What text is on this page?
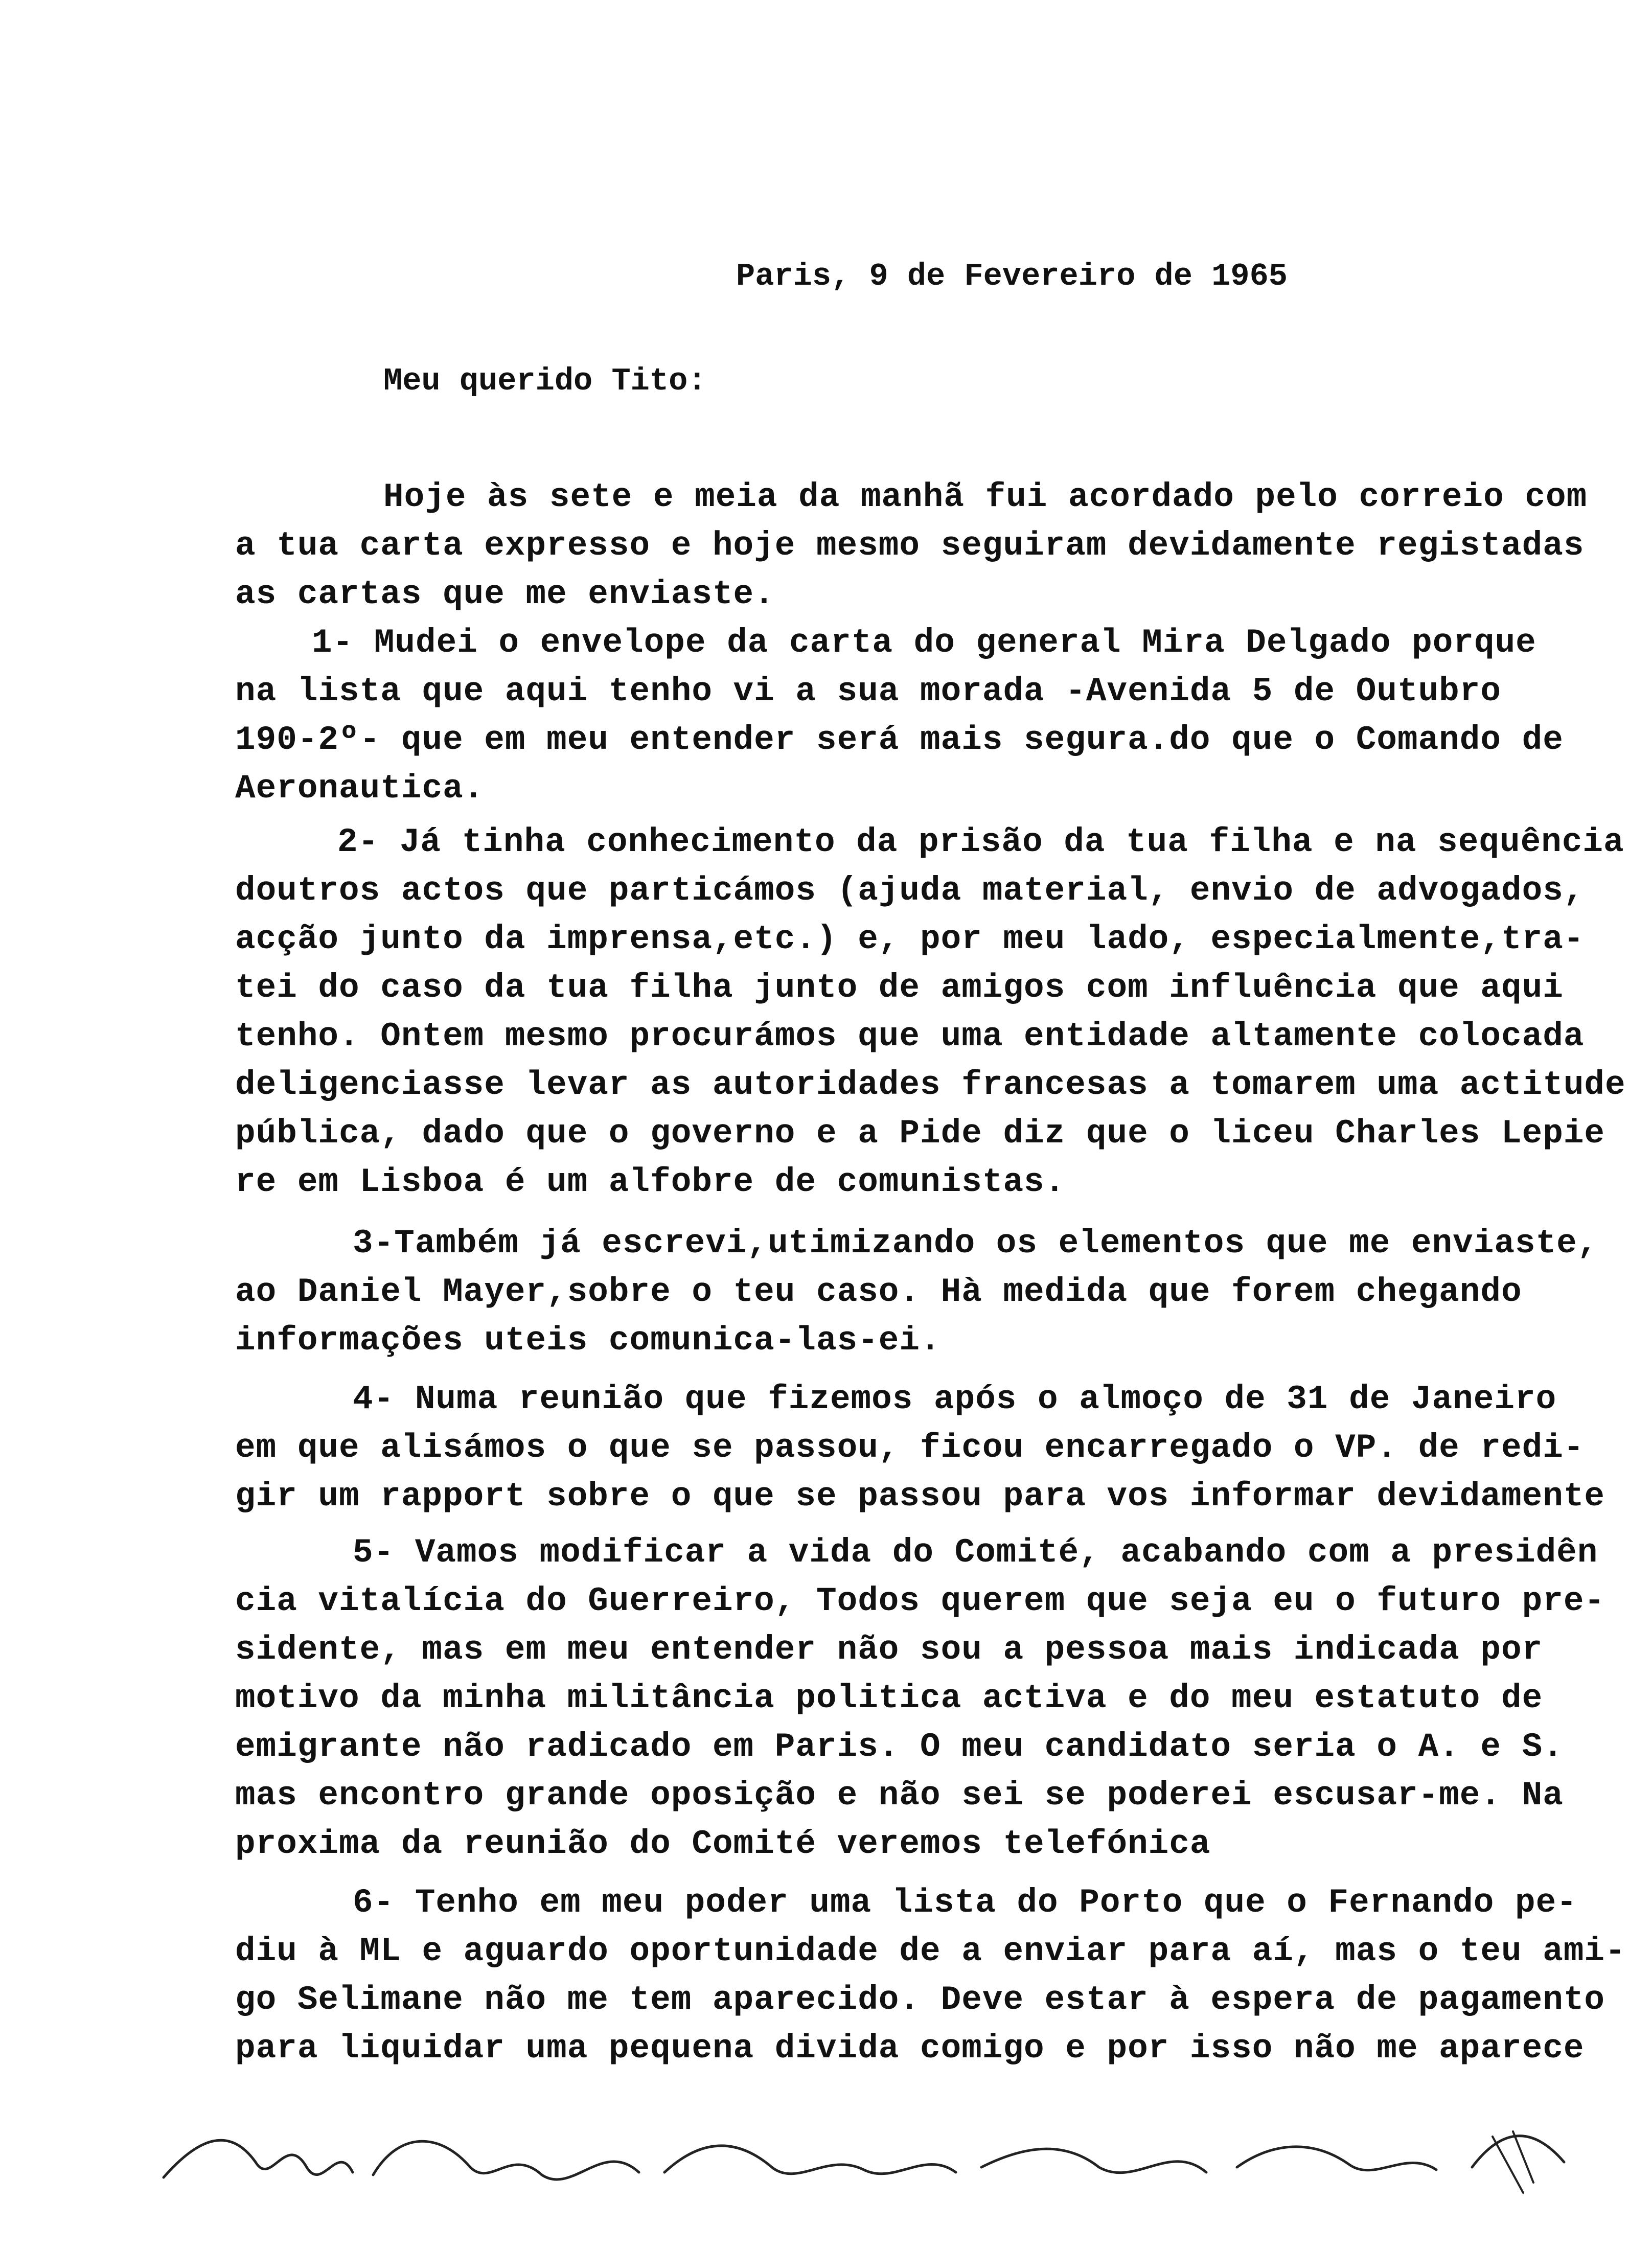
Paris, 9 de Fevereiro de 1965
Meu querido Tito:
Hoje às sete e meia da manhã fui acordado pelo correio com
a tua carta expresso e hoje mesmo seguiram devidamente registadas
as cartas que me enviaste.
1- Mudei o envelope da carta do general Mira Delgado porque
na lista que aqui tenho vi a sua morada -Avenida 5 de Outubro
190-2º- que em meu entender será mais segura.do que o Comando de
Aeronautica.
2- Já tinha conhecimento da prisão da tua filha e na sequência
doutros actos que particámos (ajuda material, envio de advogados,
acção junto da imprensa,etc.) e, por meu lado, especialmente,tra-
tei do caso da tua filha junto de amigos com influência que aqui
tenho. Ontem mesmo procurámos que uma entidade altamente colocada
deligenciasse levar as autoridades francesas a tomarem uma actitude
pública, dado que o governo e a Pide diz que o liceu Charles Lepie
re em Lisboa é um alfobre de comunistas.
3-Também já escrevi,utimizando os elementos que me enviaste,
ao Daniel Mayer,sobre o teu caso. Hà medida que forem chegando
informações uteis comunica-las-ei.
4- Numa reunião que fizemos após o almoço de 31 de Janeiro
em que alisámos o que se passou, ficou encarregado o VP. de redi-
gir um rapport sobre o que se passou para vos informar devidamente
5- Vamos modificar a vida do Comité, acabando com a presidên
cia vitalícia do Guerreiro, Todos querem que seja eu o futuro pre-
sidente, mas em meu entender não sou a pessoa mais indicada por
motivo da minha militância politica activa e do meu estatuto de
emigrante não radicado em Paris. O meu candidato seria o A. e S.
mas encontro grande oposição e não sei se poderei escusar-me. Na
proxima da reunião do Comité veremos telefónica
6- Tenho em meu poder uma lista do Porto que o Fernando pe-
diu à ML e aguardo oportunidade de a enviar para aí, mas o teu ami-
go Selimane não me tem aparecido. Deve estar à espera de pagamento
para liquidar uma pequena divida comigo e por isso não me aparece
